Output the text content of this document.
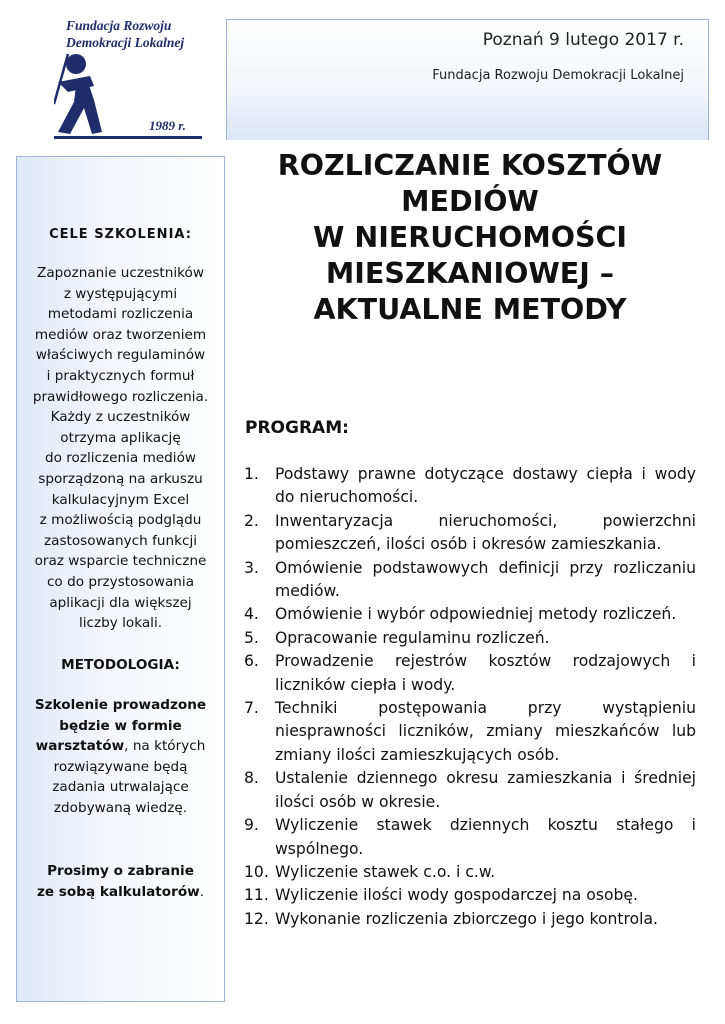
Fundacja Rozwoju
Demokracji Lokalnej
1989 r.
Poznań 9 lutego 2017 r.
Fundacja Rozwoju Demokracji Lokalnej
CELE SZKOLENIA:
Zapoznanie uczestników
z występującymi
metodami rozliczenia
mediów oraz tworzeniem
właściwych regulaminów
i praktycznych formuł
prawidłowego rozliczenia.
Każdy z uczestników
otrzyma aplikację
do rozliczenia mediów
sporządzoną na arkuszu
kalkulacyjnym Excel
z możliwością podglądu
zastosowanych funkcji
oraz wsparcie techniczne
co do przystosowania
aplikacji dla większej
liczby lokali.
METODOLOGIA:
Szkolenie prowadzone
będzie w formie
warsztatów, na których
rozwiązywane będą
zadania utrwalające
zdobywaną wiedzę.
Prosimy o zabranie
ze sobą kalkulatorów.
ROZLICZANIE KOSZTÓW
MEDIÓW
W NIERUCHOMOŚCI
MIESZKANIOWEJ –
AKTUALNE METODY
PROGRAM:
1. Podstawy prawne dotyczące dostawy ciepła i wody do nieruchomości.
2. Inwentaryzacja nieruchomości, powierzchni pomieszczeń, ilości osób i okresów zamieszkania.
3. Omówienie podstawowych definicji przy rozliczaniu mediów.
4. Omówienie i wybór odpowiedniej metody rozliczeń.
5. Opracowanie regulaminu rozliczeń.
6. Prowadzenie rejestrów kosztów rodzajowych i liczników ciepła i wody.
7. Techniki postępowania przy wystąpieniu niesprawności liczników, zmiany mieszkańców lub zmiany ilości zamieszkujących osób.
8. Ustalenie dziennego okresu zamieszkania i średniej ilości osób w okresie.
9. Wyliczenie stawek dziennych kosztu stałego i wspólnego.
10. Wyliczenie stawek c.o. i c.w.
11. Wyliczenie ilości wody gospodarczej na osobę.
12. Wykonanie rozliczenia zbiorczego i jego kontrola.
